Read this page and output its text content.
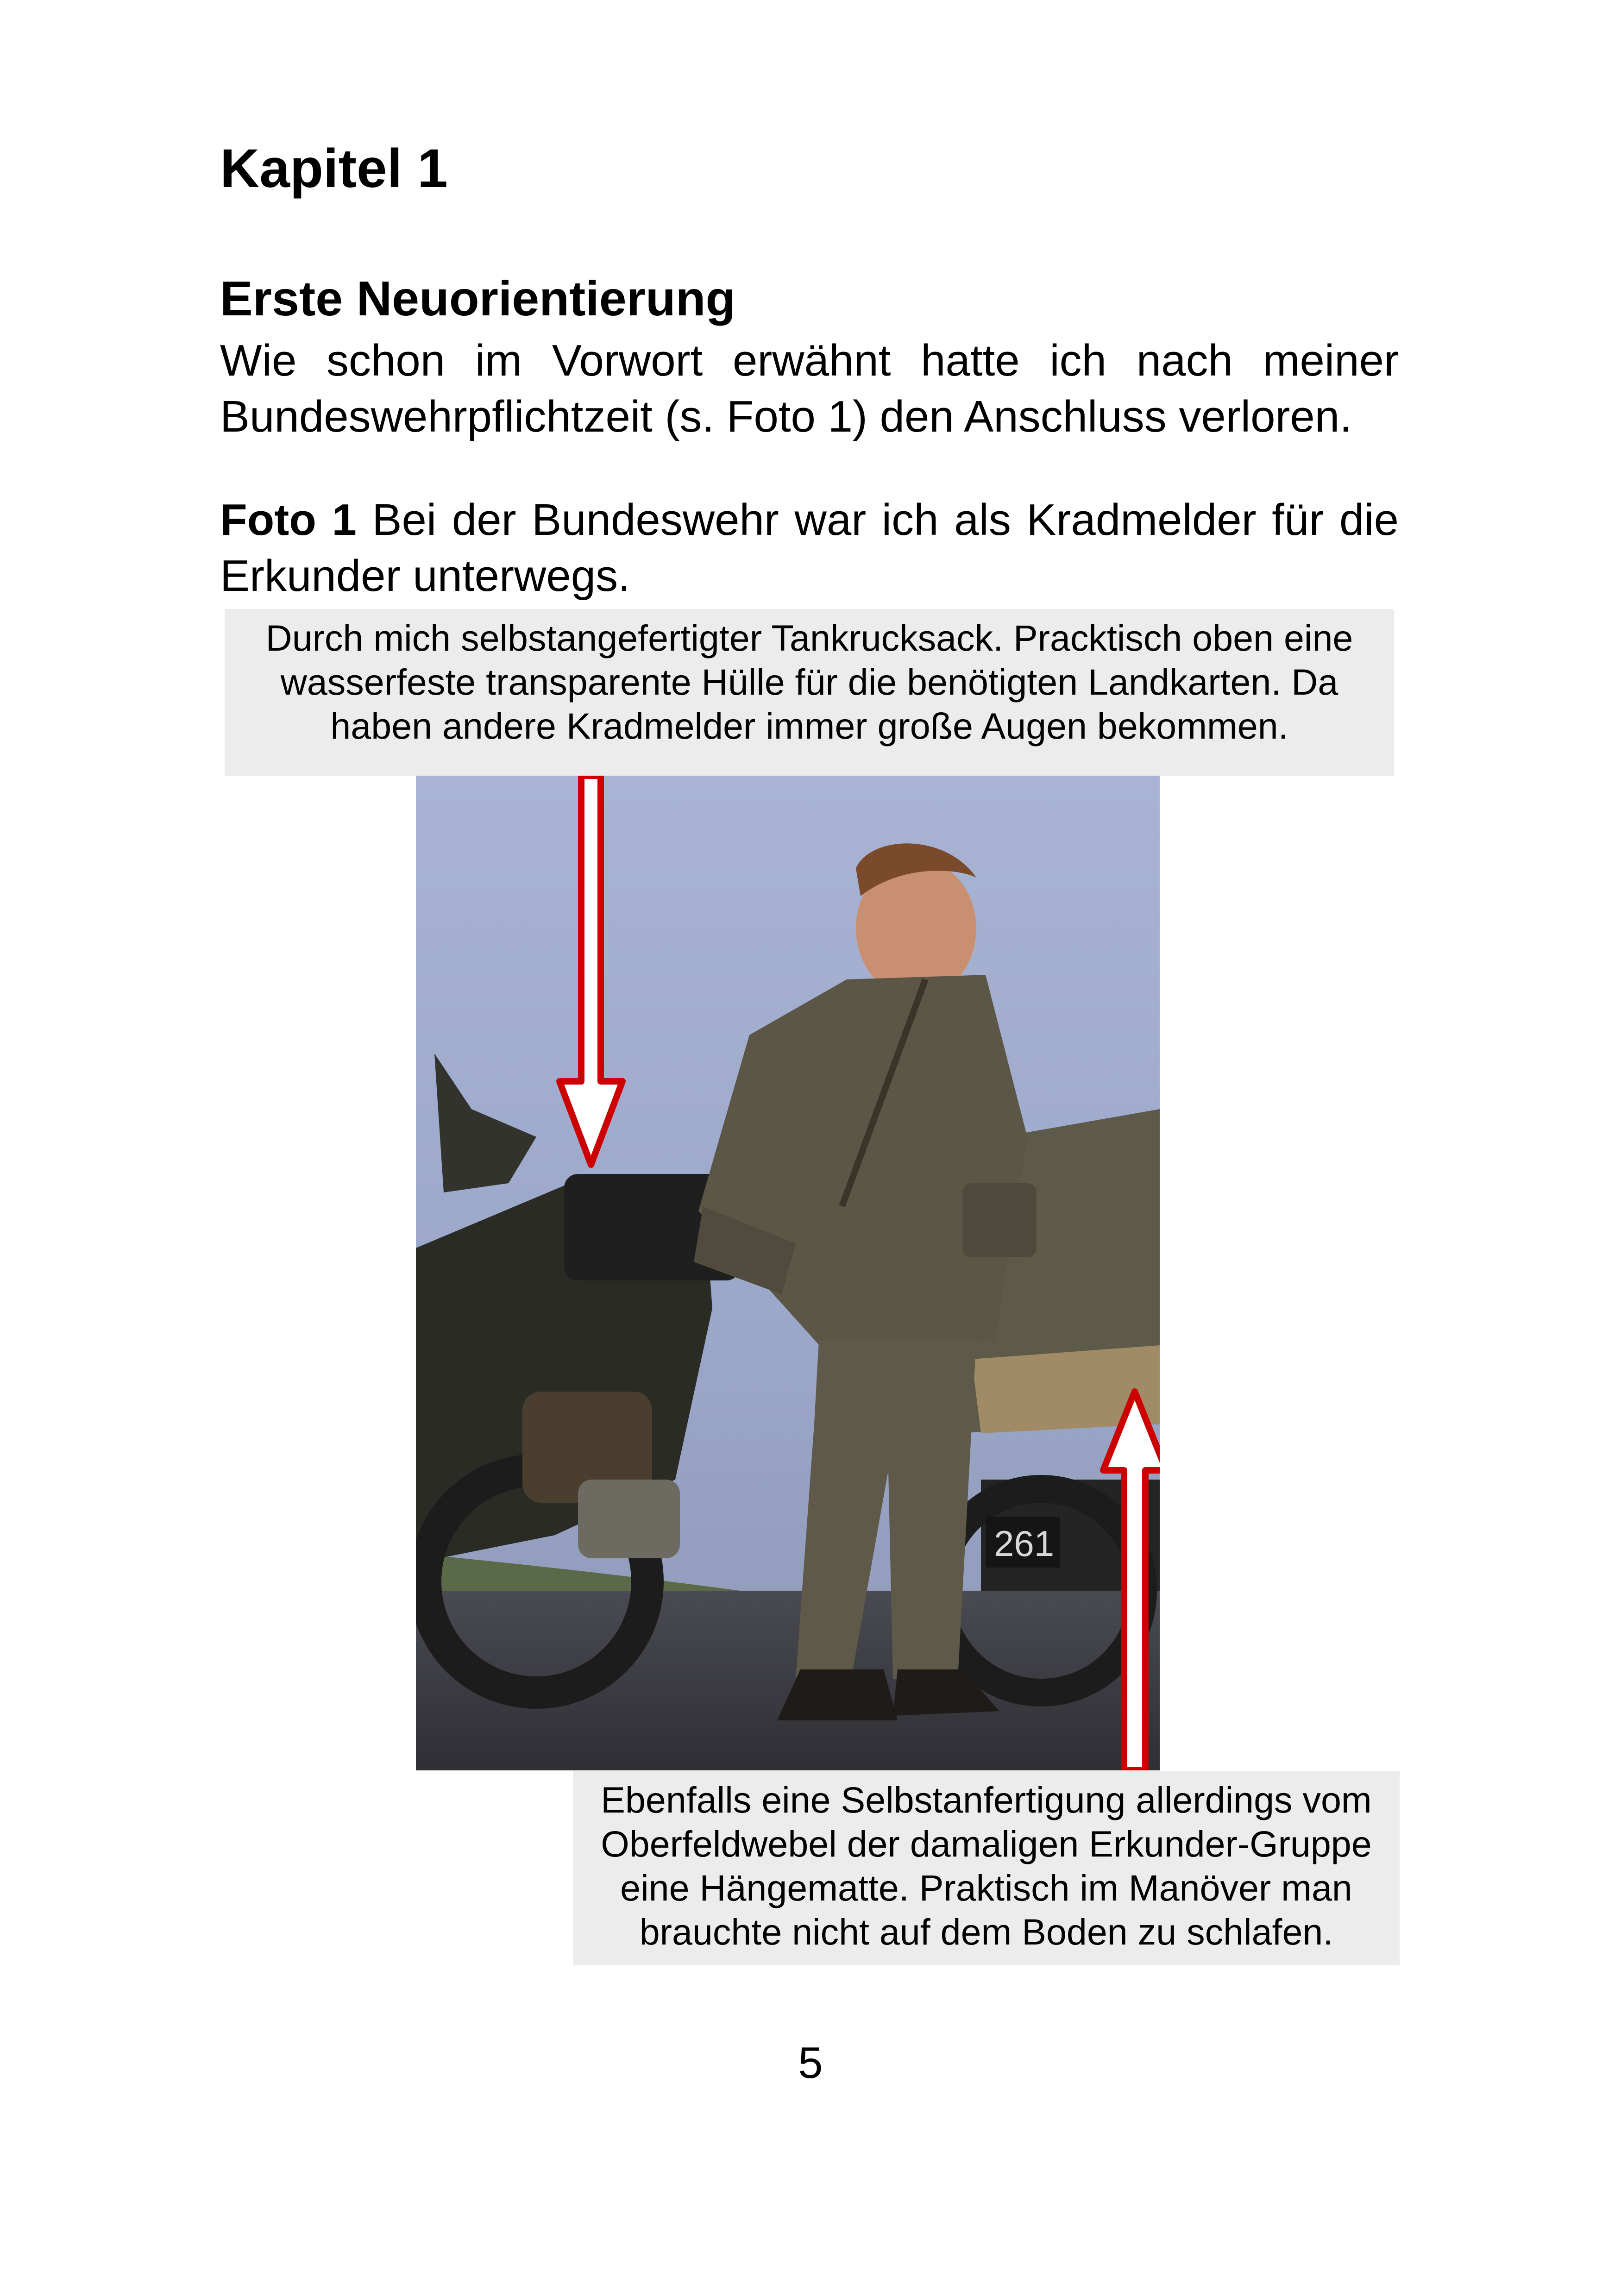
Kapitel 1
Erste Neuorientierung

Wie schon im Vorwort erwähnt hatte ich nach meiner Bundeswehrpflichtzeit (s. Foto 1) den Anschluss verloren.

Foto 1 Bei der Bundeswehr war ich als Kradmelder für die Erkunder unterwegs.

Durch mich selbstangefertigter Tankrucksack. Pracktisch oben eine wasserfeste transparente Hülle für die benötigten Landkarten. Da haben andere Kradmelder immer große Augen bekommen.
261
Ebenfalls eine Selbstanfertigung allerdings vom Oberfeldwebel der damaligen Erkunder-Gruppe eine Hängematte. Praktisch im Manöver man brauchte nicht auf dem Boden zu schlafen.
5
